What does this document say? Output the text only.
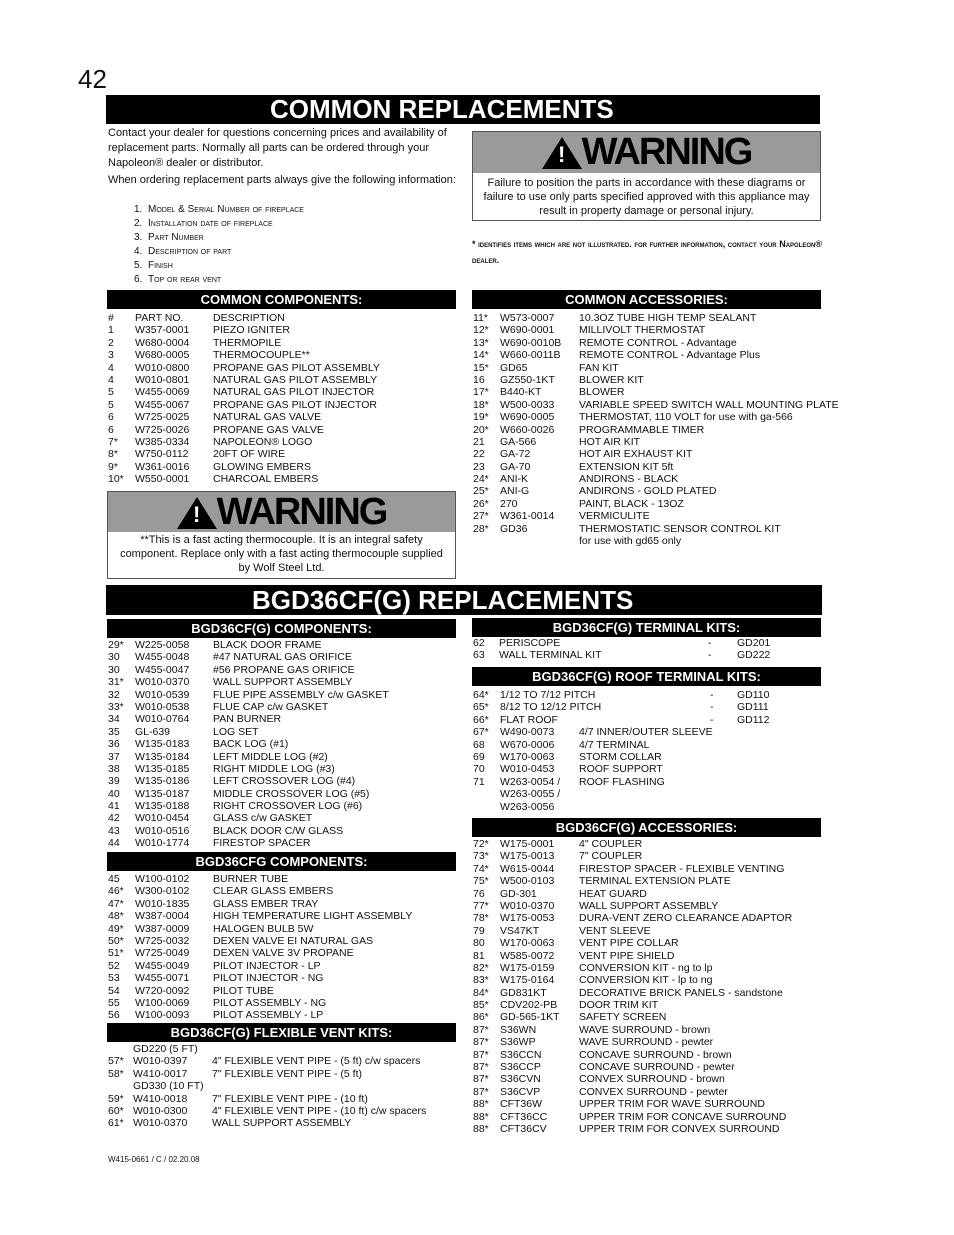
42
COMMON REPLACEMENTS

Contact your dealer for questions concerning prices and availability of replacement parts. Normally all parts can be ordered through your Napoleon® dealer or distributor.

When ordering replacement parts always give the following information:

1. Model & Serial Number of fireplace
2. Installation date of fireplace
3. Part Number
4. Description of part
5. Finish
6. Top or rear vent
! WARNING
Failure to position the parts in accordance with these diagrams or failure to use only parts specified approved with this appliance may result in property damage or personal injury.
* identifies items which are not illustrated. for further information, contact your Napoleon® dealer.
COMMON COMPONENTS:
# PART NO.	DESCRIPTION
1 W357-0001 PIEZO IGNITER
2 W680-0004 THERMOPILE
3 W680-0005 THERMOCOUPLE**
4 W010-0800 PROPANE GAS PILOT ASSEMBLY
4 W010-0801 NATURAL GAS PILOT ASSEMBLY
5 W455-0069 NATURAL GAS PILOT INJECTOR
5 W455-0067 PROPANE GAS PILOT INJECTOR
6 W725-0025 NATURAL GAS VALVE
6 W725-0026 PROPANE GAS VALVE
7* W385-0334 NAPOLEON® LOGO
8* W750-0112 20FT OF WIRE
9* W361-0016 GLOWING EMBERS
10* W550-0001 CHARCOAL EMBERS
! WARNING
**This is a fast acting thermocouple. It is an integral safety component. Replace only with a fast acting thermocouple supplied by Wolf Steel Ltd.
COMMON ACCESSORIES:
11* W573-0007 10.3OZ TUBE HIGH TEMP SEALANT
12* W690-0001 MILLIVOLT THERMOSTAT
13* W690-0010B REMOTE CONTROL - Advantage
14* W660-0011B REMOTE CONTROL - Advantage Plus
15* GD65	FAN KIT
16 GZ550-1KT BLOWER KIT
17* B440-KT	BLOWER
18* W500-0033 VARIABLE SPEED SWITCH WALL MOUNTING PLATE
19* W690-0005 THERMOSTAT, 110 VOLT for use with ga-566
20* W660-0026 PROGRAMMABLE TIMER
21 GA-566	HOT AIR KIT
22 GA-72	HOT AIR EXHAUST KIT
23 GA-70	EXTENSION KIT 5ft
24* ANI-K	ANDIRONS - BLACK
25* ANI-G	ANDIRONS - GOLD PLATED
26* 270	PAINT, BLACK - 13OZ
27* W361-0014 VERMICULITE
28* GD36	THERMOSTATIC SENSOR CONTROL KIT
for use with gd65 only
BGD36CF(G) REPLACEMENTS
BGD36CF(G) COMPONENTS:
29* W225-0058 BLACK DOOR FRAME
30 W455-0048 #47 NATURAL GAS ORIFICE
30 W455-0047 #56 PROPANE GAS ORIFICE
31* W010-0370 WALL SUPPORT ASSEMBLY
32 W010-0539 FLUE PIPE ASSEMBLY c/w GASKET
33* W010-0538 FLUE CAP c/w GASKET
34 W010-0764 PAN BURNER
35 GL-639	LOG SET
36 W135-0183 BACK LOG (#1)
37 W135-0184 LEFT MIDDLE LOG (#2)
38 W135-0185 RIGHT MIDDLE LOG (#3)
39 W135-0186 LEFT CROSSOVER LOG (#4)
40 W135-0187 MIDDLE CROSSOVER LOG (#5)
41 W135-0188 RIGHT CROSSOVER LOG (#6)
42 W010-0454 GLASS c/w GASKET
43 W010-0516 BLACK DOOR C/W GLASS
44 W010-1774 FIRESTOP SPACER
BGD36CFG COMPONENTS:
45 W100-0102 BURNER TUBE
46* W300-0102 CLEAR GLASS EMBERS
47* W010-1835 GLASS EMBER TRAY
48* W387-0004 HIGH TEMPERATURE LIGHT ASSEMBLY
49* W387-0009 HALOGEN BULB 5W
50* W725-0032 DEXEN VALVE EI NATURAL GAS
51* W725-0049 DEXEN VALVE 3V PROPANE
52 W455-0049 PILOT INJECTOR - LP
53 W455-0071 PILOT INJECTOR - NG
54 W720-0092 PILOT TUBE
55 W100-0069 PILOT ASSEMBLY - NG
56 W100-0093 PILOT ASSEMBLY - LP
BGD36CF(G) FLEXIBLE VENT KITS:
GD220 (5 FT)
57* W010-0397 4" FLEXIBLE VENT PIPE - (5 ft) c/w spacers
58* W410-0017 7" FLEXIBLE VENT PIPE - (5 ft)
GD330 (10 FT)
59* W410-0018 7" FLEXIBLE VENT PIPE - (10 ft)
60* W010-0300 4" FLEXIBLE VENT PIPE - (10 ft) c/w spacers
61* W010-0370 WALL SUPPORT ASSEMBLY
BGD36CF(G) TERMINAL KITS:
62 PERISCOPE	- GD201
63 WALL TERMINAL KIT	- GD222
BGD36CF(G) ROOF TERMINAL KITS:
64* 1/12 TO 7/12 PITCH	- GD110
65* 8/12 TO 12/12 PITCH	- GD111
66* FLAT ROOF	- GD112
67* W490-0073 4/7 INNER/OUTER SLEEVE
68 W670-0006 4/7 TERMINAL
69 W170-0063 STORM COLLAR
70 W010-0453 ROOF SUPPORT
71 W263-0054 / ROOF FLASHING
W263-0055 /
W263-0056
BGD36CF(G) ACCESSORIES:
72* W175-0001 4" COUPLER
73* W175-0013 7" COUPLER
74* W615-0044 FIRESTOP SPACER - FLEXIBLE VENTING
75* W500-0103 TERMINAL EXTENSION PLATE
76 GD-301	HEAT GUARD
77* W010-0370 WALL SUPPORT ASSEMBLY
78* W175-0053 DURA-VENT ZERO CLEARANCE ADAPTOR
79 VS47KT	VENT SLEEVE
80 W170-0063 VENT PIPE COLLAR
81 W585-0072 VENT PIPE SHIELD
82* W175-0159 CONVERSION KIT - ng to lp
83* W175-0164 CONVERSION KIT - lp to ng
84* GD831KT	DECORATIVE BRICK PANELS - sandstone
85* CDV202-PB DOOR TRIM KIT
86* GD-565-1KT SAFETY SCREEN
87* S36WN	WAVE SURROUND - brown
87* S36WP	WAVE SURROUND - pewter
87* S36CCN	CONCAVE SURROUND - brown
87* S36CCP	CONCAVE SURROUND - pewter
87* S36CVN	CONVEX SURROUND - brown
87* S36CVP	CONVEX SURROUND - pewter
88* CFT36W	UPPER TRIM FOR WAVE SURROUND
88* CFT36CC	UPPER TRIM FOR CONCAVE SURROUND
88* CFT36CV	UPPER TRIM FOR CONVEX SURROUND
W415-0661 / C / 02.20.08
